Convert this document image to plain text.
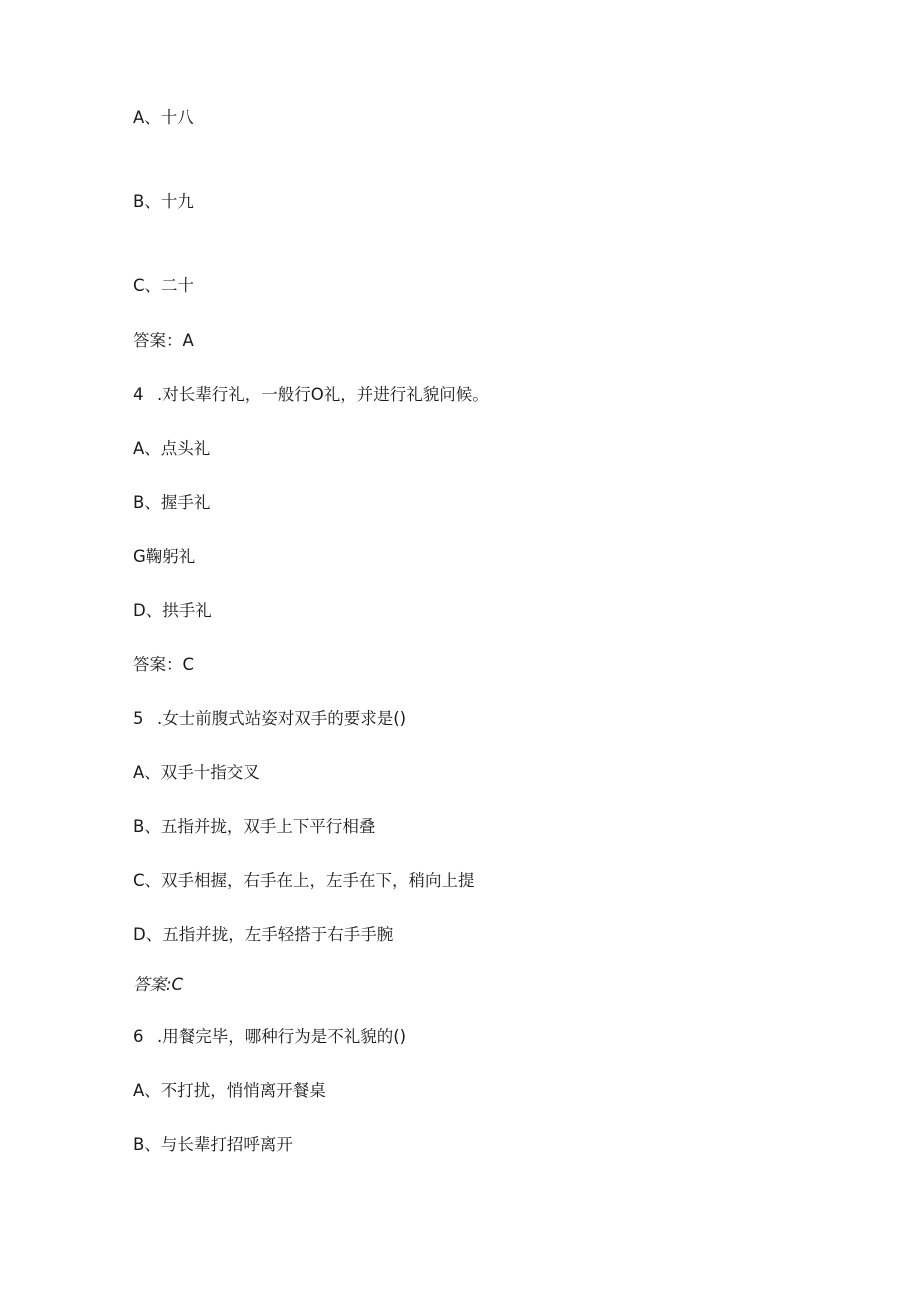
A、十八
B、十九
C、二十
答案：A
4 .对长辈行礼，一般行O礼，并进行礼貌问候。
A、点头礼
B、握手礼
G鞠躬礼
D、拱手礼
答案：C
5 .女士前腹式站姿对双手的要求是()
A、双手十指交叉
B、五指并拢，双手上下平行相叠
C、双手相握，右手在上，左手在下，稍向上提
D、五指并拢，左手轻搭于右手手腕
答案:C
6 .用餐完毕，哪种行为是不礼貌的()
A、不打扰，悄悄离开餐桌
B、与长辈打招呼离开
